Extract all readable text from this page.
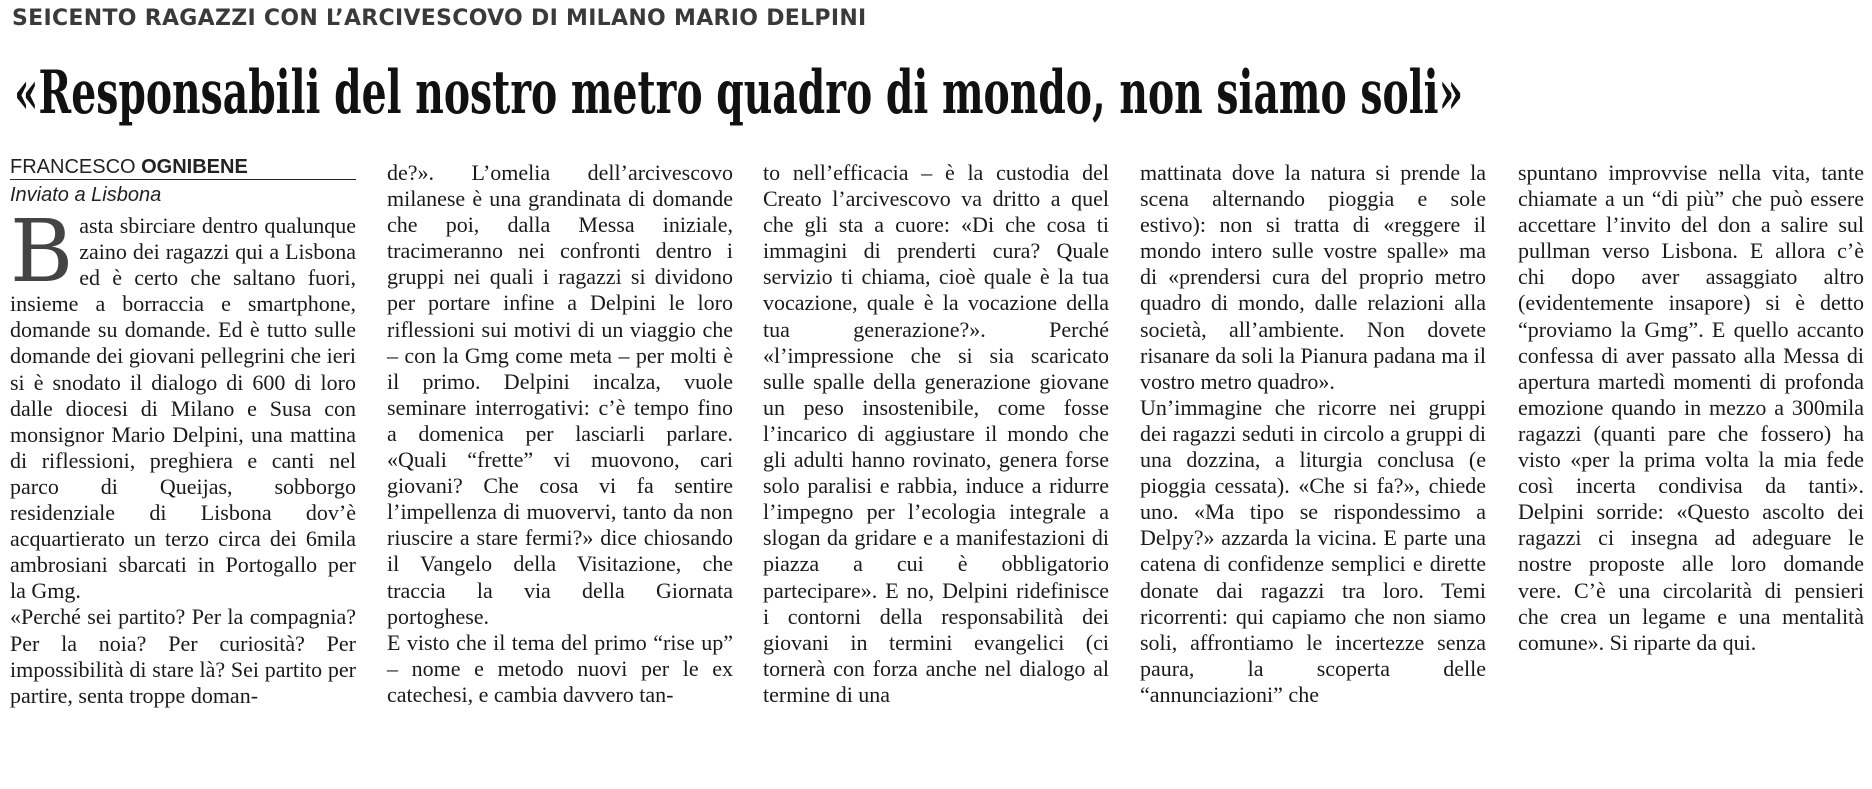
SEICENTO RAGAZZI CON L’ARCIVESCOVO DI MILANO MARIO DELPINI
«Responsabili del nostro metro quadro di mondo, non siamo soli»
FRANCESCO OGNIBENE
Inviato a Lisbona

Basta sbirciare dentro qualunque zaino dei ragazzi qui a Lisbona ed è certo che saltano fuori, insieme a borraccia e smartphone, domande su domande. Ed è tutto sulle domande dei giovani pellegrini che ieri si è snodato il dialogo di 600 di loro dalle diocesi di Milano e Susa con monsignor Mario Delpini, una mattina di riflessioni, preghiera e canti nel parco di Queijas, sobborgo residenziale di Lisbona dov’è acquartierato un terzo circa dei 6mila ambrosiani sbarcati in Portogallo per la Gmg.

«Perché sei partito? Per la compagnia? Per la noia? Per curiosità? Per impossibilità di stare là? Sei partito per partire, senta troppe doman-

de?». L’omelia dell’arcivescovo milanese è una grandinata di domande che poi, dalla Messa iniziale, tracimeranno nei confronti dentro i gruppi nei quali i ragazzi si dividono per portare infine a Delpini le loro riflessioni sui motivi di un viaggio che – con la Gmg come meta – per molti è il primo. Delpini incalza, vuole seminare interrogativi: c’è tempo fino a domenica per lasciarli parlare. «Quali “frette” vi muovono, cari giovani? Che cosa vi fa sentire l’impellenza di muovervi, tanto da non riuscire a stare fermi?» dice chiosando il Vangelo della Visitazione, che traccia la via della Giornata portoghese.

E visto che il tema del primo “rise up” – nome e metodo nuovi per le ex catechesi, e cambia davvero tan-

to nell’efficacia – è la custodia del Creato l’arcivescovo va dritto a quel che gli sta a cuore: «Di che cosa ti immagini di prenderti cura? Quale servizio ti chiama, cioè quale è la tua vocazione, quale è la vocazione della tua generazione?». Perché «l’impressione che si sia scaricato sulle spalle della generazione giovane un peso insostenibile, come fosse l’incarico di aggiustare il mondo che gli adulti hanno rovinato, genera forse solo paralisi e rabbia, induce a ridurre l’impegno per l’ecologia integrale a slogan da gridare e a manifestazioni di piazza a cui è obbligatorio partecipare». E no, Delpini ridefinisce i contorni della responsabilità dei giovani in termini evangelici (ci tornerà con forza anche nel dialogo al termine di una

mattinata dove la natura si prende la scena alternando pioggia e sole estivo): non si tratta di «reggere il mondo intero sulle vostre spalle» ma di «prendersi cura del proprio metro quadro di mondo, dalle relazioni alla società, all’ambiente. Non dovete risanare da soli la Pianura padana ma il vostro metro quadro».

Un’immagine che ricorre nei gruppi dei ragazzi seduti in circolo a gruppi di una dozzina, a liturgia conclusa (e pioggia cessata). «Che si fa?», chiede uno. «Ma tipo se rispondessimo a Delpy?» azzarda la vicina. E parte una catena di confidenze semplici e dirette donate dai ragazzi tra loro. Temi ricorrenti: qui capiamo che non siamo soli, affrontiamo le incertezze senza paura, la scoperta delle “annunciazioni” che

spuntano improvvise nella vita, tante chiamate a un “di più” che può essere accettare l’invito del don a salire sul pullman verso Lisbona. E allora c’è chi dopo aver assaggiato altro (evidentemente insapore) si è detto “proviamo la Gmg”. E quello accanto confessa di aver passato alla Messa di apertura martedì momenti di profonda emozione quando in mezzo a 300mila ragazzi (quanti pare che fossero) ha visto «per la prima volta la mia fede così incerta condivisa da tanti». Delpini sorride: «Questo ascolto dei ragazzi ci insegna ad adeguare le nostre proposte alle loro domande vere. C’è una circolarità di pensieri che crea un legame e una mentalità comune». Si riparte da qui.
